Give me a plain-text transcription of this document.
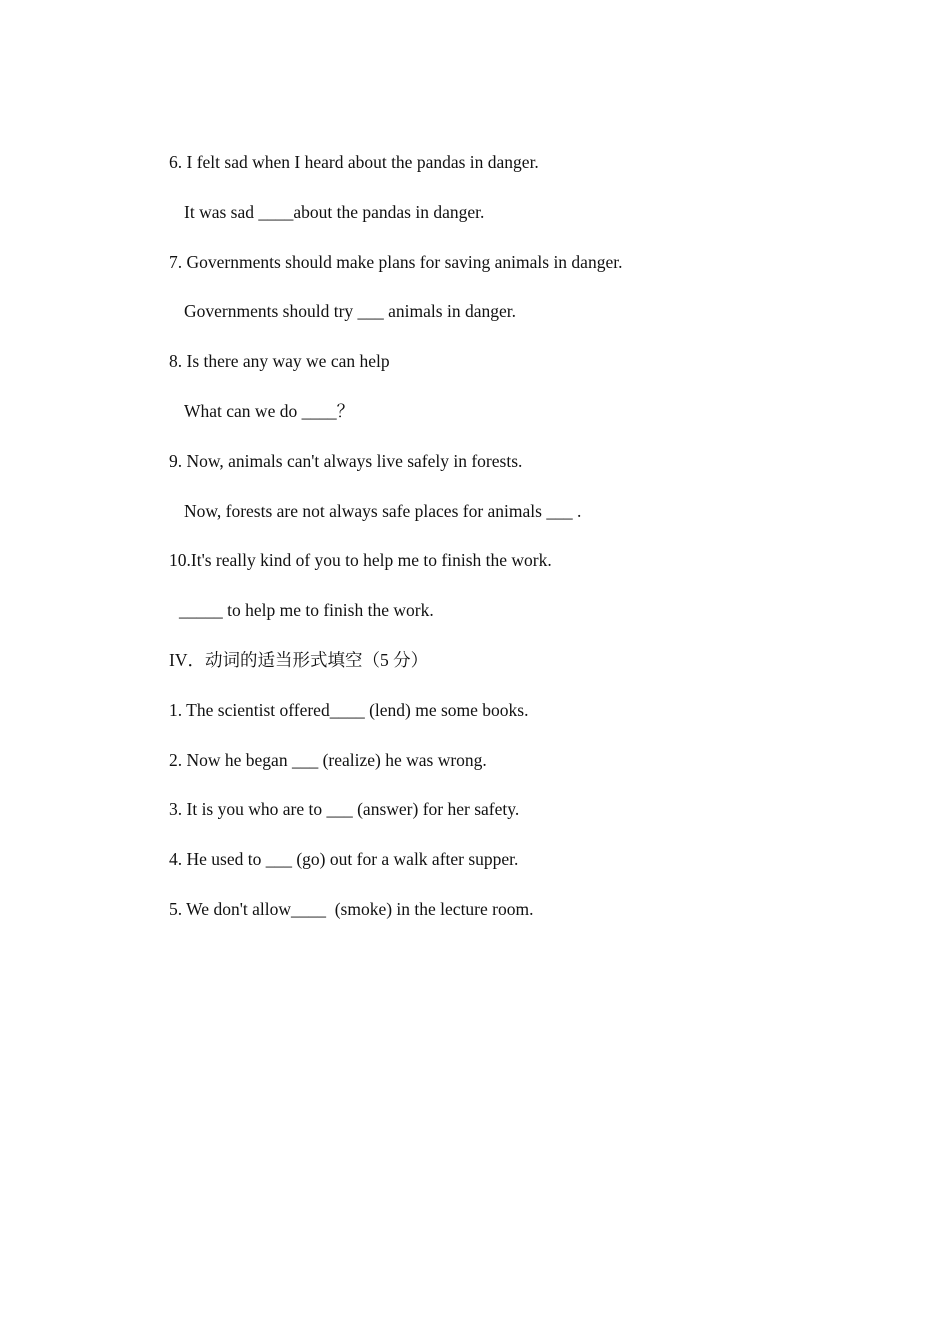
6. I felt sad when I heard about the pandas in danger.
It was sad ____about the pandas in danger.
7. Governments should make plans for saving animals in danger.
Governments should try ___ animals in danger.
8. Is there any way we can help
What can we do ____？
9. Now, animals can't always live safely in forests.
Now, forests are not always safe places for animals ___ .
10.It's really kind of you to help me to finish the work.
_____ to help me to finish the work.
IV．动词的适当形式填空（5 分）
1. The scientist offered____ (lend) me some books.
2. Now he began ___ (realize) he was wrong.
3. It is you who are to ___ (answer) for her safety.
4. He used to ___ (go) out for a walk after supper.
5. We don't allow____  (smoke) in the lecture room.
